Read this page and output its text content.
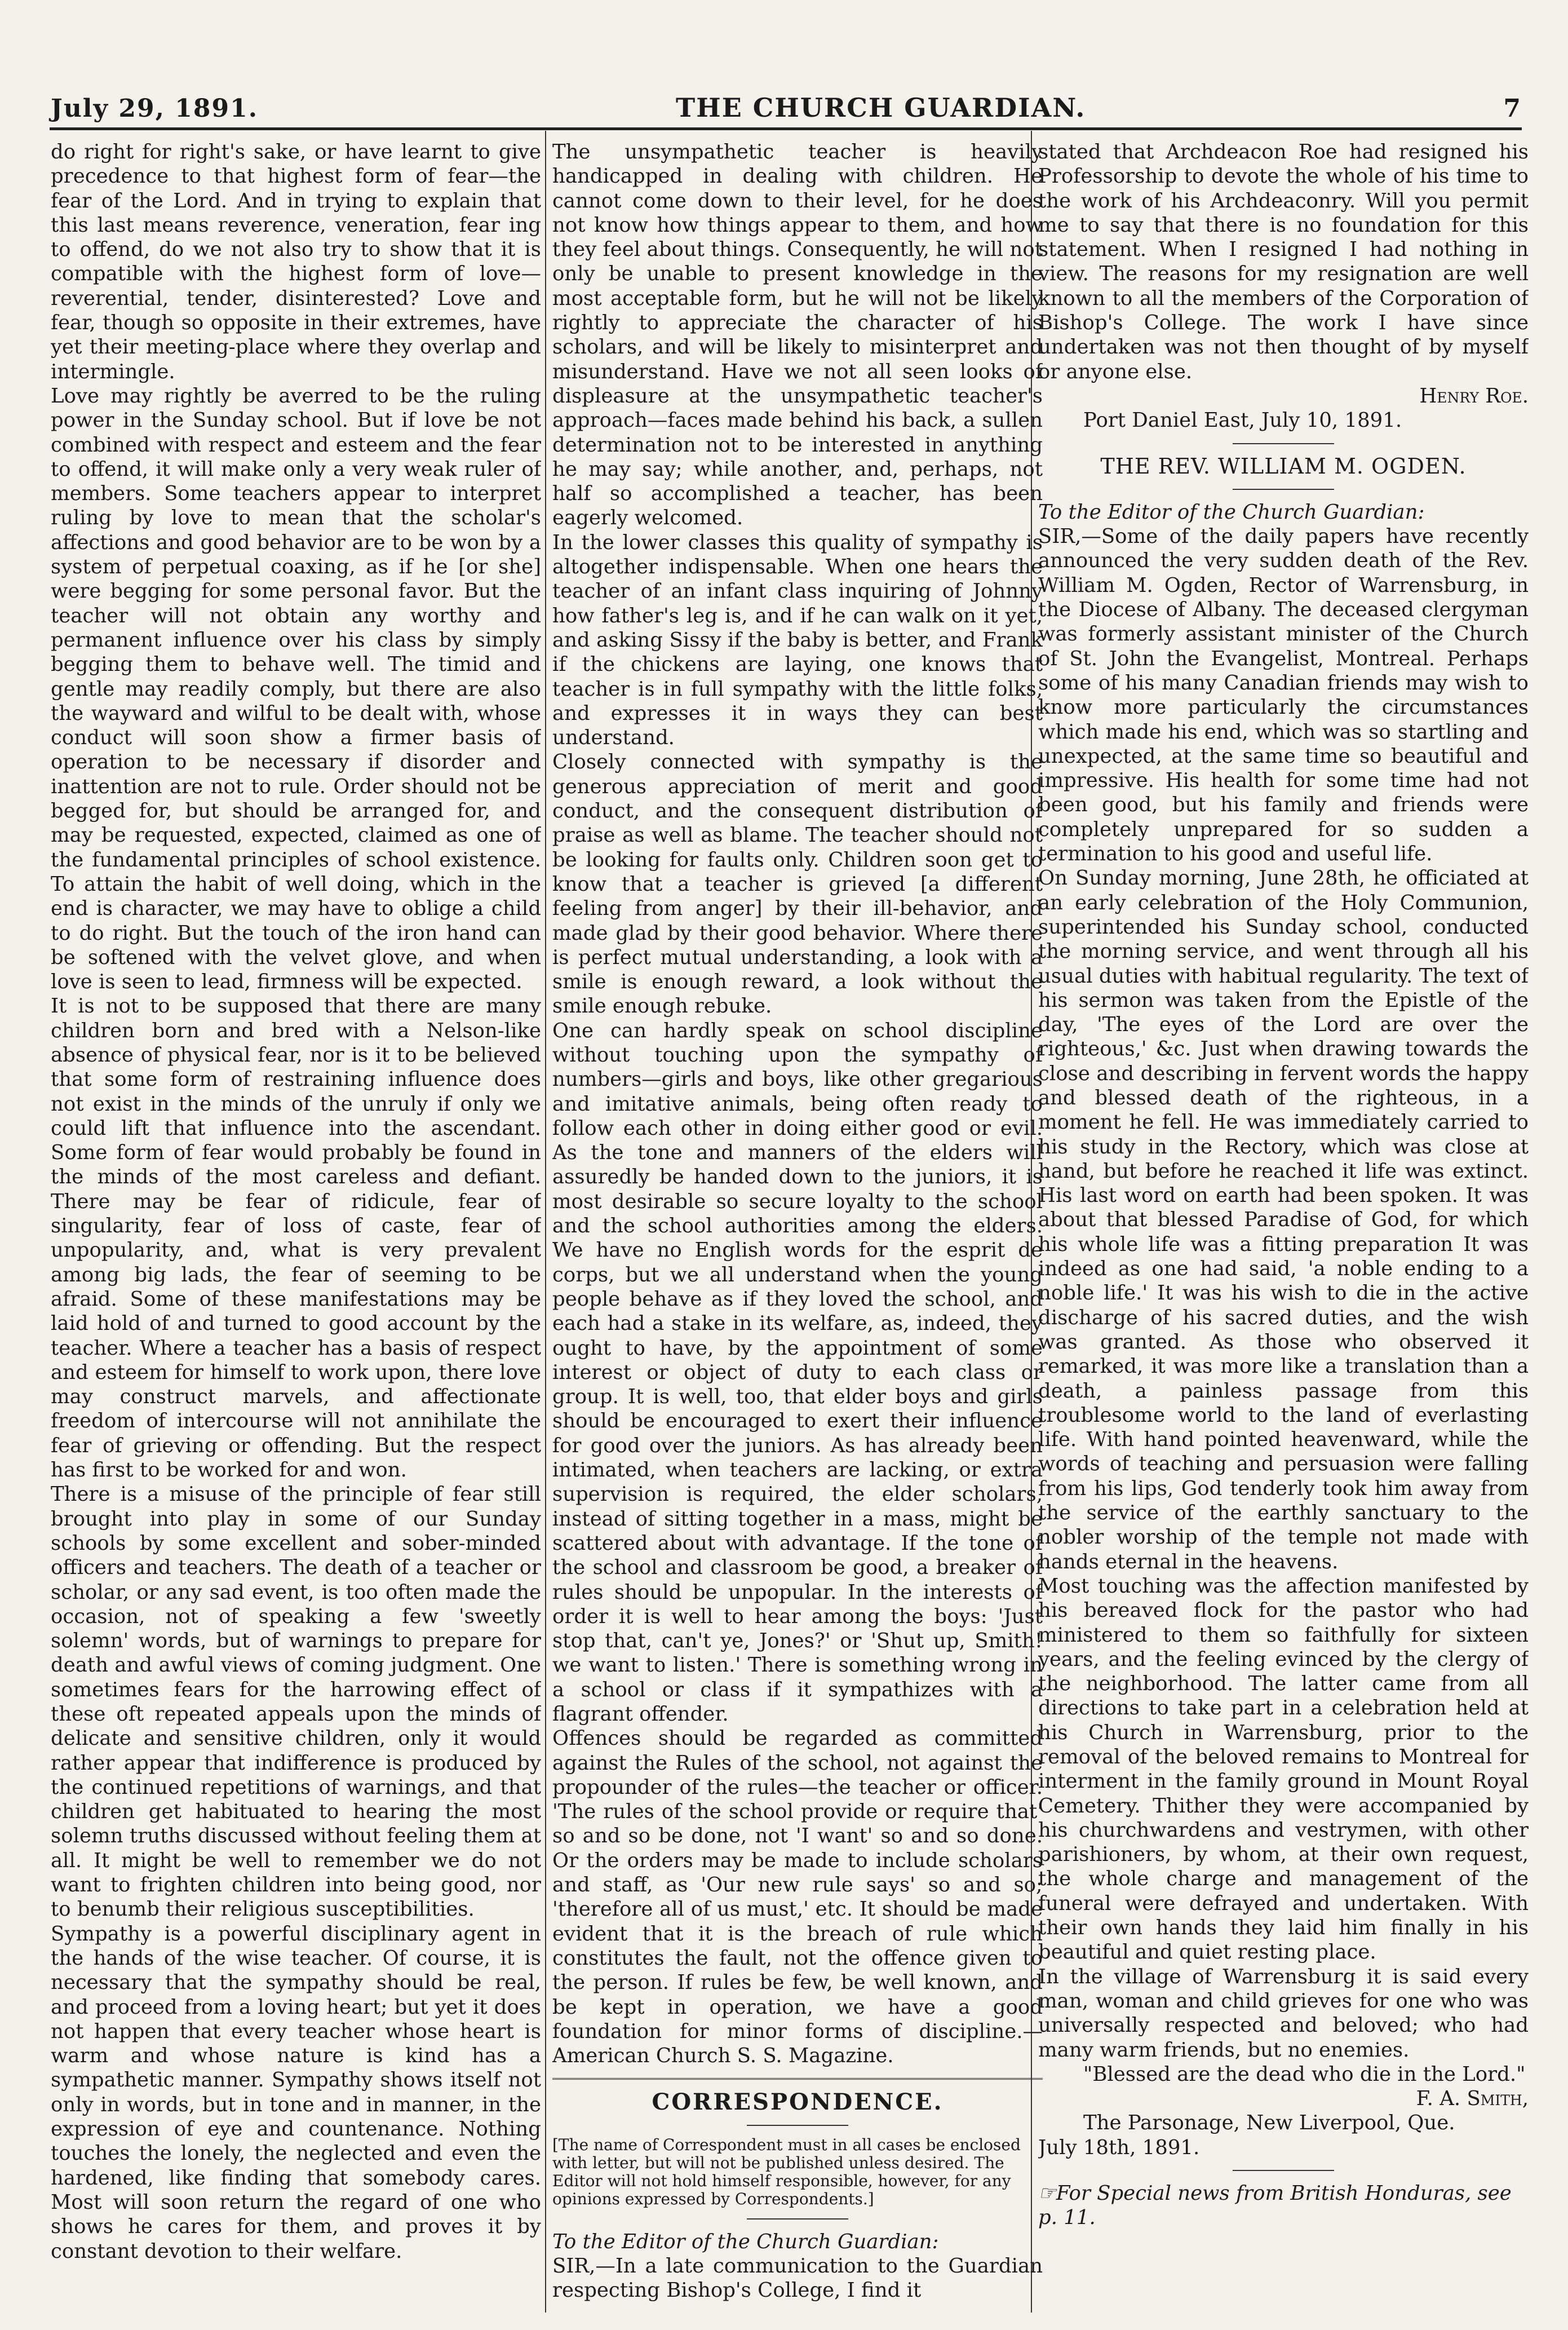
July 29, 1891.	THE CHURCH GUARDIAN.	7

do right for right's sake, or have learnt to give precedence to that highest form of fear—the fear of the Lord. And in trying to explain that this last means reverence, veneration, fear ing to offend, do we not also try to show that it is compatible with the highest form of love—reverential, tender, disinterested? Love and fear, though so opposite in their extremes, have yet their meeting-place where they overlap and intermingle.

Love may rightly be averred to be the ruling power in the Sunday school. But if love be not combined with respect and esteem and the fear to offend, it will make only a very weak ruler of members. Some teachers appear to interpret ruling by love to mean that the scholar's affections and good behavior are to be won by a system of perpetual coaxing, as if he [or she] were begging for some personal favor. But the teacher will not obtain any worthy and permanent influence over his class by simply begging them to behave well. The timid and gentle may readily comply, but there are also the wayward and wilful to be dealt with, whose conduct will soon show a firmer basis of operation to be necessary if disorder and inattention are not to rule. Order should not be begged for, but should be arranged for, and may be requested, expected, claimed as one of the fundamental principles of school existence. To attain the habit of well doing, which in the end is character, we may have to oblige a child to do right. But the touch of the iron hand can be softened with the velvet glove, and when love is seen to lead, firmness will be expected.

It is not to be supposed that there are many children born and bred with a Nelson-like absence of physical fear, nor is it to be believed that some form of restraining influence does not exist in the minds of the unruly if only we could lift that influence into the ascendant. Some form of fear would probably be found in the minds of the most careless and defiant. There may be fear of ridicule, fear of singularity, fear of loss of caste, fear of unpopularity, and, what is very prevalent among big lads, the fear of seeming to be afraid. Some of these manifestations may be laid hold of and turned to good account by the teacher. Where a teacher has a basis of respect and esteem for himself to work upon, there love may construct marvels, and affectionate freedom of intercourse will not annihilate the fear of grieving or offending. But the respect has first to be worked for and won.

There is a misuse of the principle of fear still brought into play in some of our Sunday schools by some excellent and sober-minded officers and teachers. The death of a teacher or scholar, or any sad event, is too often made the occasion, not of speaking a few 'sweetly solemn' words, but of warnings to prepare for death and awful views of coming judgment. One sometimes fears for the harrowing effect of these oft repeated appeals upon the minds of delicate and sensitive children, only it would rather appear that indifference is produced by the continued repetitions of warnings, and that children get habituated to hearing the most solemn truths discussed without feeling them at all. It might be well to remember we do not want to frighten children into being good, nor to benumb their religious susceptibilities.

Sympathy is a powerful disciplinary agent in the hands of the wise teacher. Of course, it is necessary that the sympathy should be real, and proceed from a loving heart; but yet it does not happen that every teacher whose heart is warm and whose nature is kind has a sympathetic manner. Sympathy shows itself not only in words, but in tone and in manner, in the expression of eye and countenance. Nothing touches the lonely, the neglected and even the hardened, like finding that somebody cares. Most will soon return the regard of one who shows he cares for them, and proves it by constant devotion to their welfare.

The unsympathetic teacher is heavily handicapped in dealing with children. He cannot come down to their level, for he does not know how things appear to them, and how they feel about things. Consequently, he will not only be unable to present knowledge in the most acceptable form, but he will not be likely rightly to appreciate the character of his scholars, and will be likely to misinterpret and misunderstand. Have we not all seen looks of displeasure at the unsympathetic teacher's approach—faces made behind his back, a sullen determination not to be interested in anything he may say; while another, and, perhaps, not half so accomplished a teacher, has been eagerly welcomed.

In the lower classes this quality of sympathy is altogether indispensable. When one hears the teacher of an infant class inquiring of Johnny how father's leg is, and if he can walk on it yet, and asking Sissy if the baby is better, and Frank if the chickens are laying, one knows that teacher is in full sympathy with the little folks, and expresses it in ways they can best understand.

Closely connected with sympathy is the generous appreciation of merit and good conduct, and the consequent distribution of praise as well as blame. The teacher should not be looking for faults only. Children soon get to know that a teacher is grieved [a different feeling from anger] by their ill-behavior, and made glad by their good behavior. Where there is perfect mutual understanding, a look with a smile is enough reward, a look without the smile enough rebuke.

One can hardly speak on school discipline without touching upon the sympathy of numbers—girls and boys, like other gregarious and imitative animals, being often ready to follow each other in doing either good or evil. As the tone and manners of the elders will assuredly be handed down to the juniors, it is most desirable so secure loyalty to the school and the school authorities among the elders. We have no English words for the esprit de corps, but we all understand when the young people behave as if they loved the school, and each had a stake in its welfare, as, indeed, they ought to have, by the appointment of some interest or object of duty to each class or group. It is well, too, that elder boys and girls should be encouraged to exert their influence for good over the juniors. As has already been intimated, when teachers are lacking, or extra supervision is required, the elder scholars, instead of sitting together in a mass, might be scattered about with advantage. If the tone of the school and classroom be good, a breaker of rules should be unpopular. In the interests of order it is well to hear among the boys: 'Just stop that, can't ye, Jones?' or 'Shut up, Smith! we want to listen.' There is something wrong in a school or class if it sympathizes with a flagrant offender.

Offences should be regarded as committed against the Rules of the school, not against the propounder of the rules—the teacher or officer. 'The rules of the school provide or require that' so and so be done, not 'I want' so and so done. Or the orders may be made to include scholars and staff, as 'Our new rule says' so and so; 'therefore all of us must,' etc. It should be made evident that it is the breach of rule which constitutes the fault, not the offence given to the person. If rules be few, be well known, and be kept in operation, we have a good foundation for minor forms of discipline.—American Church S. S. Magazine.

CORRESPONDENCE.

[The name of Correspondent must in all cases be enclosed with letter, but will not be published unless desired. The Editor will not hold himself responsible, however, for any opinions expressed by Correspondents.]

To the Editor of the Church Guardian:

SIR,—In a late communication to the Guardian respecting Bishop's College, I find it

stated that Archdeacon Roe had resigned his Professorship to devote the whole of his time to the work of his Archdeaconry. Will you permit me to say that there is no foundation for this statement. When I resigned I had nothing in view. The reasons for my resignation are well known to all the members of the Corporation of Bishop's College. The work I have since undertaken was not then thought of by myself or anyone else.

Henry Roe.

Port Daniel East, July 10, 1891.

THE REV. WILLIAM M. OGDEN.

To the Editor of the Church Guardian:

SIR,—Some of the daily papers have recently announced the very sudden death of the Rev. William M. Ogden, Rector of Warrensburg, in the Diocese of Albany. The deceased clergyman was formerly assistant minister of the Church of St. John the Evangelist, Montreal. Perhaps some of his many Canadian friends may wish to know more particularly the circumstances which made his end, which was so startling and unexpected, at the same time so beautiful and impressive. His health for some time had not been good, but his family and friends were completely unprepared for so sudden a termination to his good and useful life.

On Sunday morning, June 28th, he officiated at an early celebration of the Holy Communion, superintended his Sunday school, conducted the morning service, and went through all his usual duties with habitual regularity. The text of his sermon was taken from the Epistle of the day, 'The eyes of the Lord are over the righteous,' &c. Just when drawing towards the close and describing in fervent words the happy and blessed death of the righteous, in a moment he fell. He was immediately carried to his study in the Rectory, which was close at hand, but before he reached it life was extinct. His last word on earth had been spoken. It was about that blessed Paradise of God, for which his whole life was a fitting preparation It was indeed as one had said, 'a noble ending to a noble life.' It was his wish to die in the active discharge of his sacred duties, and the wish was granted. As those who observed it remarked, it was more like a translation than a death, a painless passage from this troublesome world to the land of everlasting life. With hand pointed heavenward, while the words of teaching and persuasion were falling from his lips, God tenderly took him away from the service of the earthly sanctuary to the nobler worship of the temple not made with hands eternal in the heavens.

Most touching was the affection manifested by his bereaved flock for the pastor who had ministered to them so faithfully for sixteen years, and the feeling evinced by the clergy of the neighborhood. The latter came from all directions to take part in a celebration held at his Church in Warrensburg, prior to the removal of the beloved remains to Montreal for interment in the family ground in Mount Royal Cemetery. Thither they were accompanied by his churchwardens and vestrymen, with other parishioners, by whom, at their own request, the whole charge and management of the funeral were defrayed and undertaken. With their own hands they laid him finally in his beautiful and quiet resting place.

In the village of Warrensburg it is said every man, woman and child grieves for one who was universally respected and beloved; who had many warm friends, but no enemies.

"Blessed are the dead who die in the Lord."

F. A. Smith,

The Parsonage, New Liverpool, Que.

July 18th, 1891.

☞For Special news from British Honduras, see p. 11.
